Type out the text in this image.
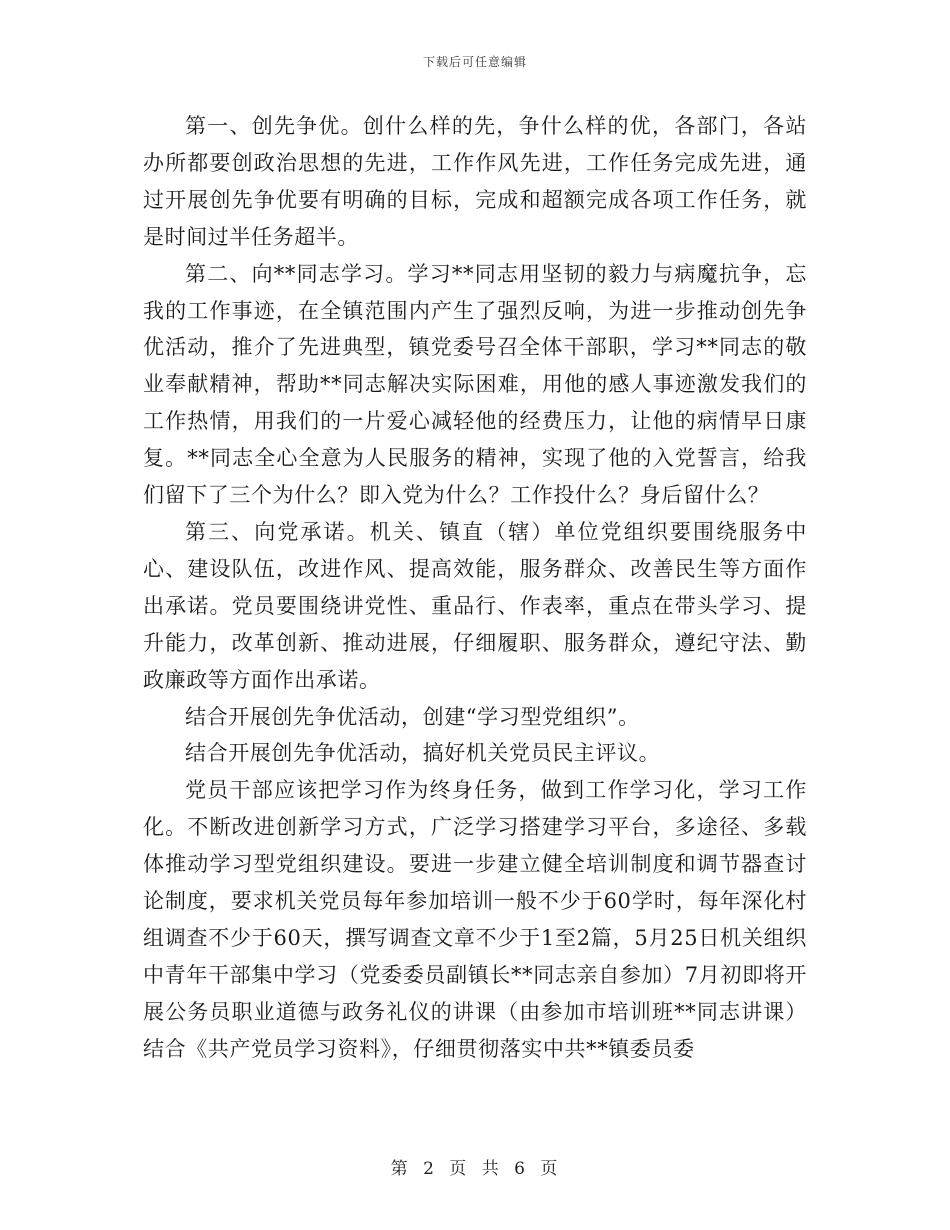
下载后可任意编辑

第一、创先争优。创什么样的先，争什么样的优，各部门，各站办所都要创政治思想的先进，工作作风先进，工作任务完成先进，通过开展创先争优要有明确的目标，完成和超额完成各项工作任务，就是时间过半任务超半。

第二、向**同志学习。学习**同志用坚韧的毅力与病魔抗争，忘我的工作事迹，在全镇范围内产生了强烈反响，为进一步推动创先争优活动，推介了先进典型，镇党委号召全体干部职，学习**同志的敬业奉献精神，帮助**同志解决实际困难，用他的感人事迹激发我们的工作热情，用我们的一片爱心减轻他的经费压力，让他的病情早日康复。**同志全心全意为人民服务的精神，实现了他的入党誓言，给我们留下了三个为什么？即入党为什么？工作投什么？身后留什么？

第三、向党承诺。机关、镇直（辖）单位党组织要围绕服务中心、建设队伍，改进作风、提高效能，服务群众、改善民生等方面作出承诺。党员要围绕讲党性、重品行、作表率，重点在带头学习、提升能力，改革创新、推动进展，仔细履职、服务群众，遵纪守法、勤政廉政等方面作出承诺。

结合开展创先争优活动，创建“学习型党组织”。

结合开展创先争优活动，搞好机关党员民主评议。

党员干部应该把学习作为终身任务，做到工作学习化，学习工作化。不断改进创新学习方式，广泛学习搭建学习平台，多途径、多载体推动学习型党组织建设。要进一步建立健全培训制度和调节器查讨论制度，要求机关党员每年参加培训一般不少于60学时，每年深化村组调查不少于60天，撰写调查文章不少于1至2篇，5月25日机关组织中青年干部集中学习（党委委员副镇长**同志亲自参加）7月初即将开展公务员职业道德与政务礼仪的讲课（由参加市培训班**同志讲课）结合《共产党员学习资料》，仔细贯彻落实中共**镇委员委

第 2 页 共 6 页
